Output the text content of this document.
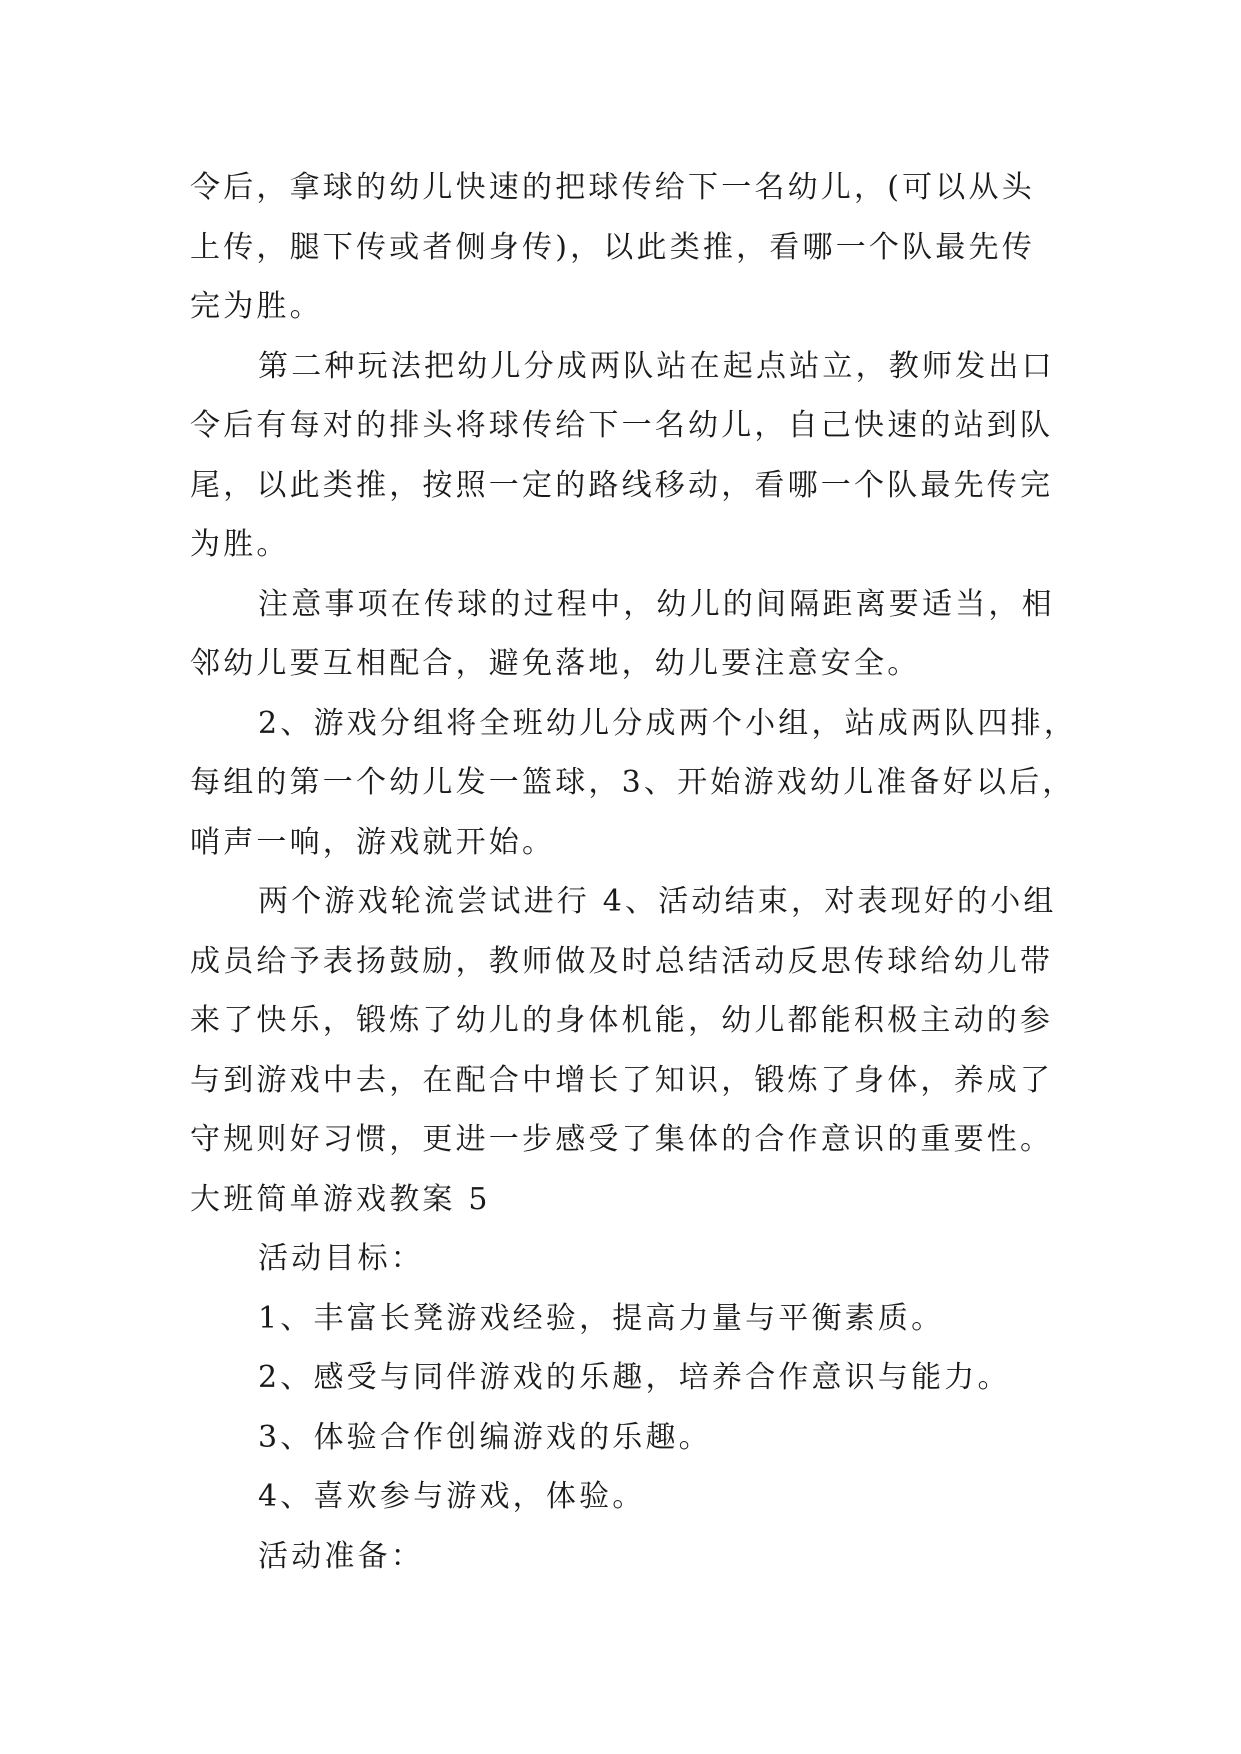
令后，拿球的幼儿快速的把球传给下一名幼儿，(可以从头
上传，腿下传或者侧身传)，以此类推，看哪一个队最先传
完为胜。
第二种玩法把幼儿分成两队站在起点站立，教师发出口
令后有每对的排头将球传给下一名幼儿，自己快速的站到队
尾，以此类推，按照一定的路线移动，看哪一个队最先传完
为胜。
注意事项在传球的过程中，幼儿的间隔距离要适当，相
邻幼儿要互相配合，避免落地，幼儿要注意安全。
2、游戏分组将全班幼儿分成两个小组，站成两队四排，
每组的第一个幼儿发一篮球，3、开始游戏幼儿准备好以后，
哨声一响，游戏就开始。
两个游戏轮流尝试进行 4、活动结束，对表现好的小组
成员给予表扬鼓励，教师做及时总结活动反思传球给幼儿带
来了快乐，锻炼了幼儿的身体机能，幼儿都能积极主动的参
与到游戏中去，在配合中增长了知识，锻炼了身体，养成了
守规则好习惯，更进一步感受了集体的合作意识的重要性。
大班简单游戏教案 5
活动目标：
1、丰富长凳游戏经验，提高力量与平衡素质。
2、感受与同伴游戏的乐趣，培养合作意识与能力。
3、体验合作创编游戏的乐趣。
4、喜欢参与游戏，体验。
活动准备：
